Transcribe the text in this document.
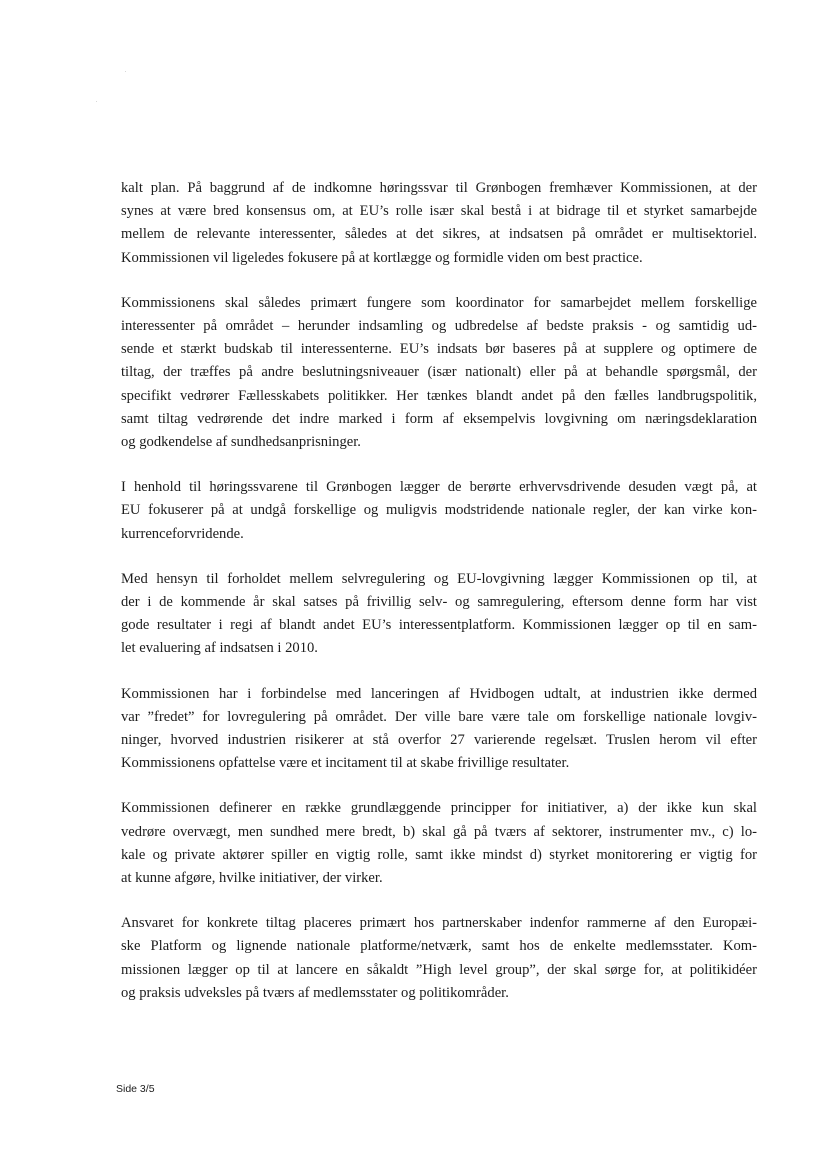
kalt plan. På baggrund af de indkomne høringssvar til Grønbogen fremhæver Kommissionen, at der
synes at være bred konsensus om, at EU’s rolle især skal bestå i at bidrage til et styrket samarbejde
mellem de relevante interessenter, således at det sikres, at indsatsen på området er multisektoriel.
Kommissionen vil ligeledes fokusere på at kortlægge og formidle viden om best practice.
Kommissionens skal således primært fungere som koordinator for samarbejdet mellem forskellige
interessenter på området – herunder indsamling og udbredelse af bedste praksis - og samtidig ud-
sende et stærkt budskab til interessenterne. EU’s indsats bør baseres på at supplere og optimere de
tiltag, der træffes på andre beslutningsniveauer (især nationalt) eller på at behandle spørgsmål, der
specifikt vedrører Fællesskabets politikker. Her tænkes blandt andet på den fælles landbrugspolitik,
samt tiltag vedrørende det indre marked i form af eksempelvis lovgivning om næringsdeklaration
og godkendelse af sundhedsanprisninger.
I henhold til høringssvarene til Grønbogen lægger de berørte erhvervsdrivende desuden vægt på, at
EU fokuserer på at undgå forskellige og muligvis modstridende nationale regler, der kan virke kon-
kurrenceforvridende.
Med hensyn til forholdet mellem selvregulering og EU-lovgivning lægger Kommissionen op til, at
der i de kommende år skal satses på frivillig selv- og samregulering, eftersom denne form har vist
gode resultater i regi af blandt andet EU’s interessentplatform. Kommissionen lægger op til en sam-
let evaluering af indsatsen i 2010.
Kommissionen har i forbindelse med lanceringen af Hvidbogen udtalt, at industrien ikke dermed
var ”fredet” for lovregulering på området. Der ville bare være tale om forskellige nationale lovgiv-
ninger, hvorved industrien risikerer at stå overfor 27 varierende regelsæt. Truslen herom vil efter
Kommissionens opfattelse være et incitament til at skabe frivillige resultater.
Kommissionen definerer en række grundlæggende principper for initiativer, a) der ikke kun skal
vedrøre overvægt, men sundhed mere bredt, b) skal gå på tværs af sektorer, instrumenter mv., c) lo-
kale og private aktører spiller en vigtig rolle, samt ikke mindst d) styrket monitorering er vigtig for
at kunne afgøre, hvilke initiativer, der virker.
Ansvaret for konkrete tiltag placeres primært hos partnerskaber indenfor rammerne af den Europæi-
ske Platform og lignende nationale platforme/netværk, samt hos de enkelte medlemsstater. Kom-
missionen lægger op til at lancere en såkaldt ”High level group”, der skal sørge for, at politikidéer
og praksis udveksles på tværs af medlemsstater og politikområder.
Side 3/5
